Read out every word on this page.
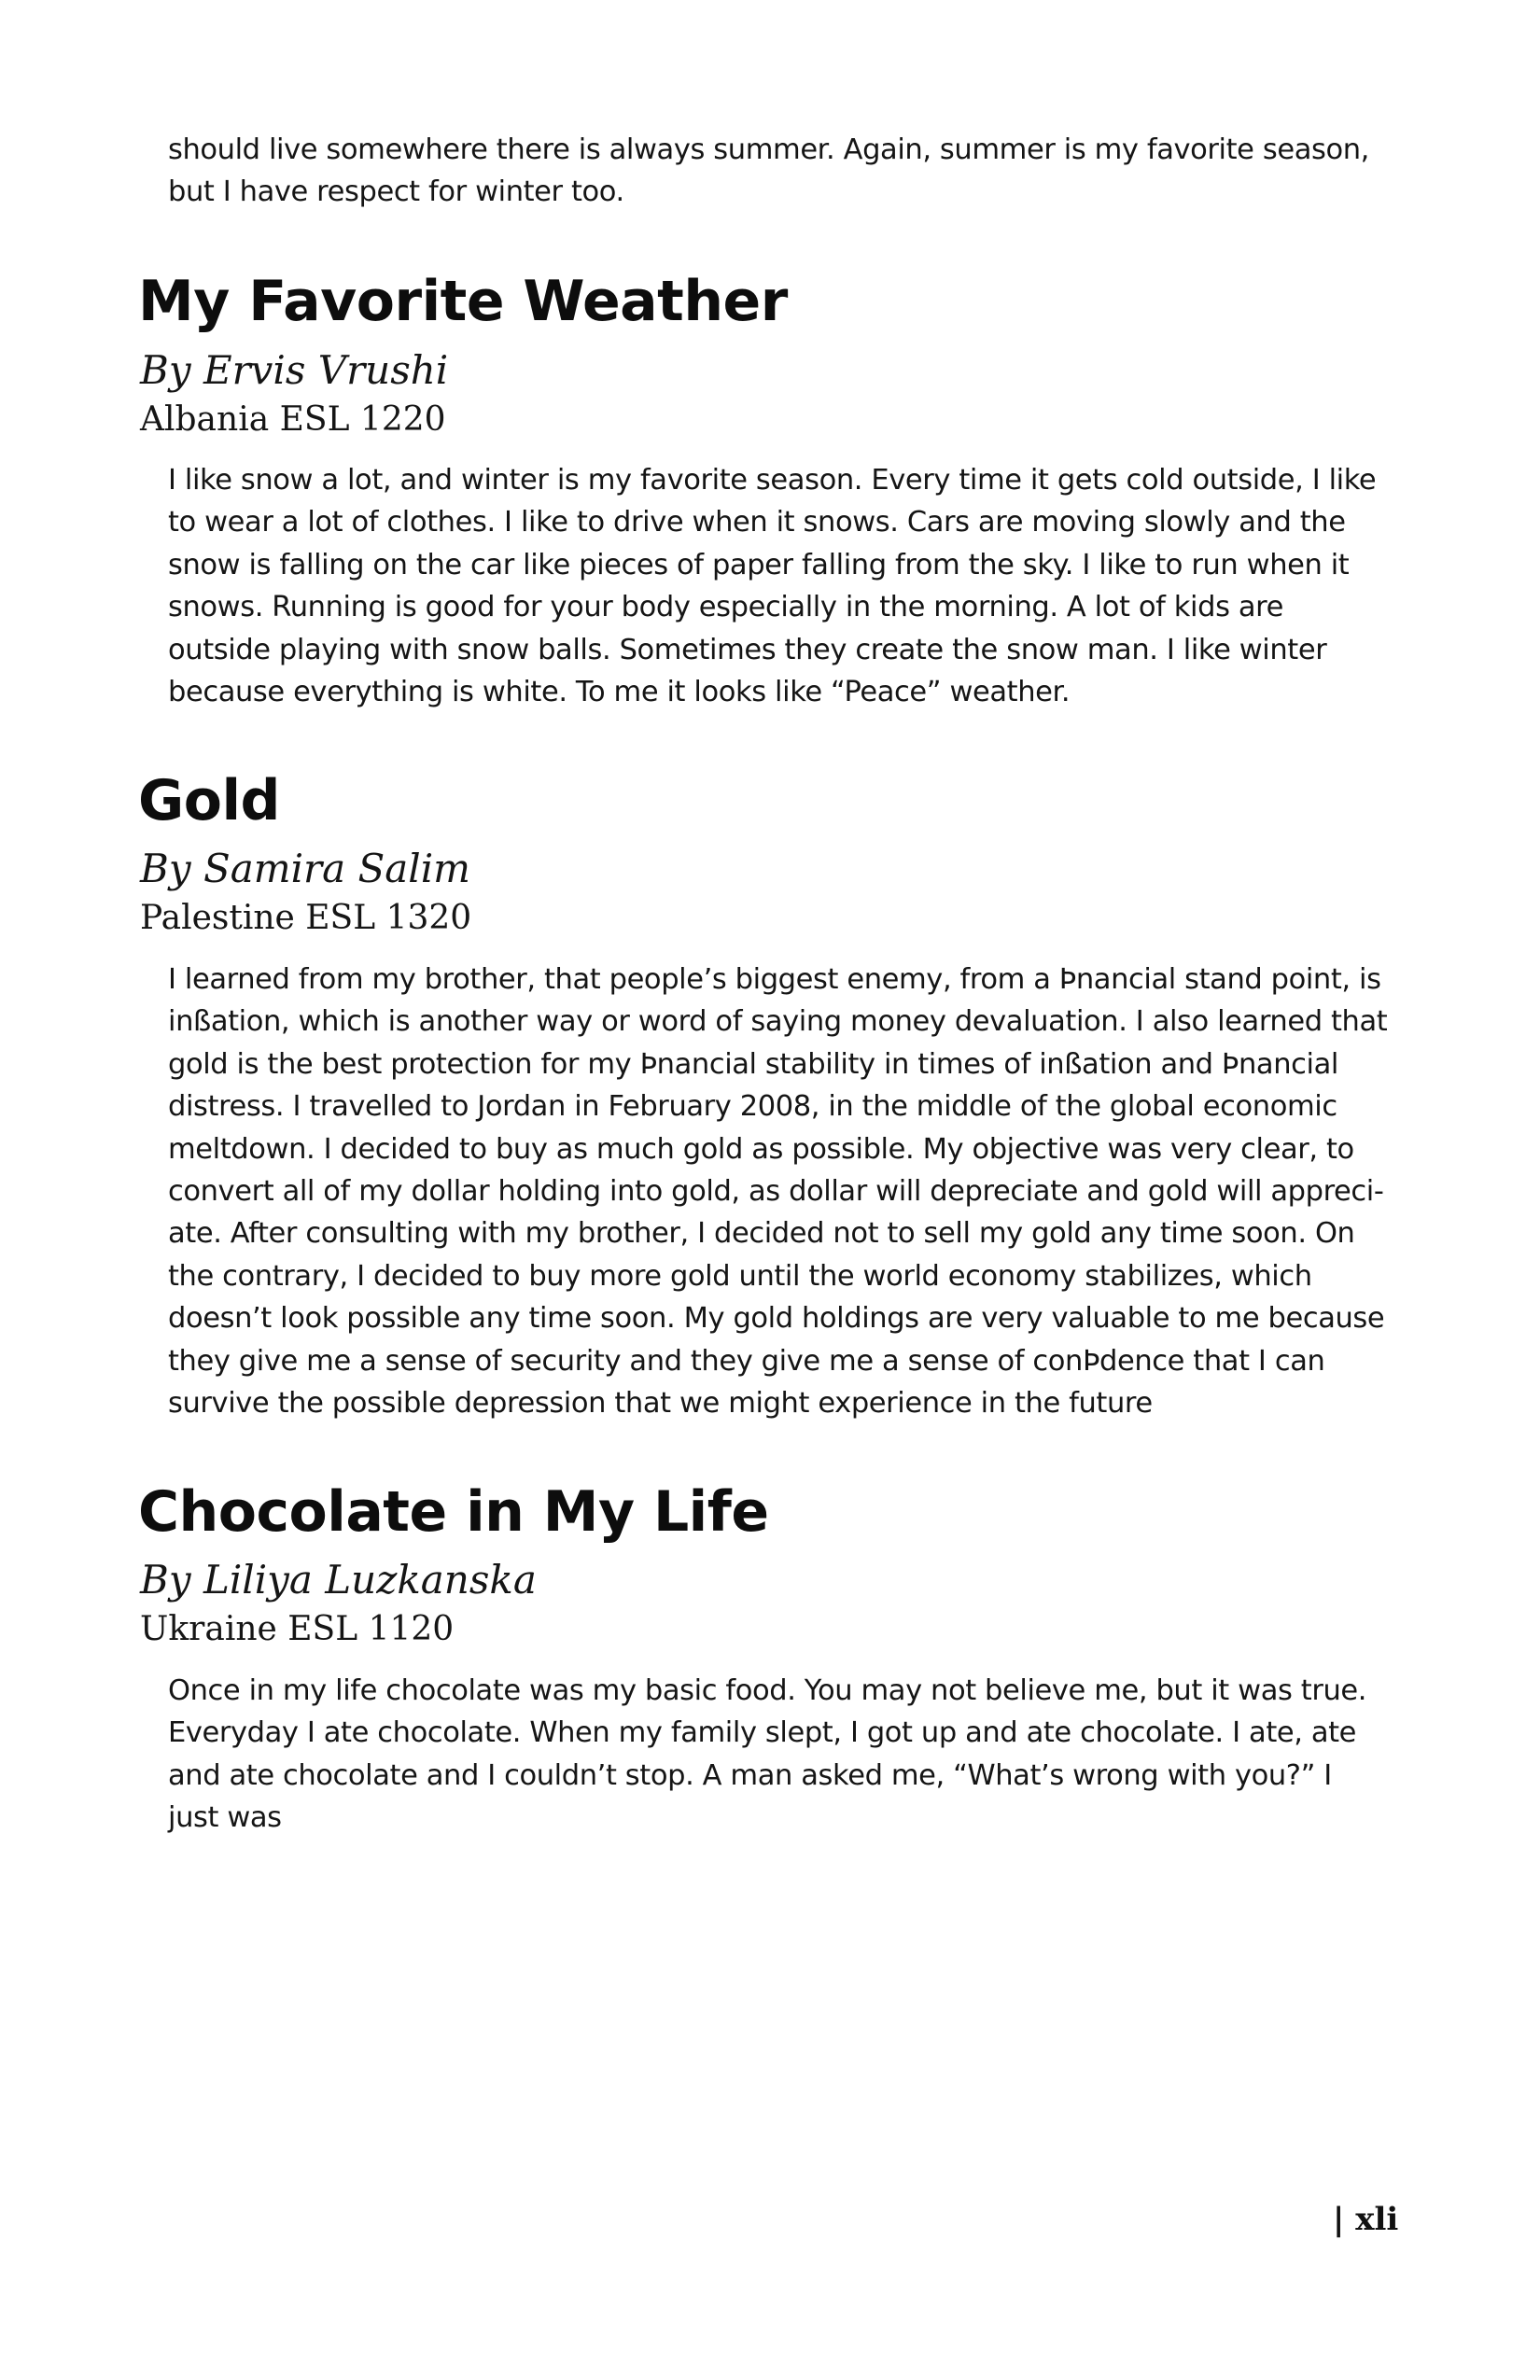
should live somewhere there is always summer. Again, summer is my favorite season, but I have respect for winter too.

My Favorite Weather
By Ervis Vrushi
Albania ESL 1220

I like snow a lot, and winter is my favorite season. Every time it gets cold outside, I like to wear a lot of clothes. I like to drive when it snows. Cars are moving slowly and the snow is falling on the car like pieces of paper falling from the sky. I like to run when it snows. Running is good for your body especially in the morning. A lot of kids are outside playing with snow balls. Sometimes they create the snow man. I like winter because everything is white. To me it looks like “Peace” weather.

Gold
By Samira Salim
Palestine ESL 1320

I learned from my brother, that people’s biggest enemy, from a Þnancial stand point, is inßation, which is another way or word of saying money devaluation. I also learned that gold is the best protection for my Þnancial stability in times of inßation and Þnancial distress. I travelled to Jordan in February 2008, in the middle of the global economic meltdown. I decided to buy as much gold as possible. My objective was very clear, to convert all of my dollar holding into gold, as dollar will depreciate and gold will appreci-ate. After consulting with my brother, I decided not to sell my gold any time soon. On the contrary, I decided to buy more gold until the world economy stabilizes, which doesn’t look possible any time soon. My gold holdings are very valuable to me because they give me a sense of security and they give me a sense of conÞdence that I can survive the possible depression that we might experience in the future

Chocolate in My Life
By Liliya Luzkanska
Ukraine ESL 1120

Once in my life chocolate was my basic food. You may not believe me, but it was true. Everyday I ate chocolate. When my family slept, I got up and ate chocolate. I ate, ate and ate chocolate and I couldn’t stop. A man asked me, “What’s wrong with you?” I just was

| xli
